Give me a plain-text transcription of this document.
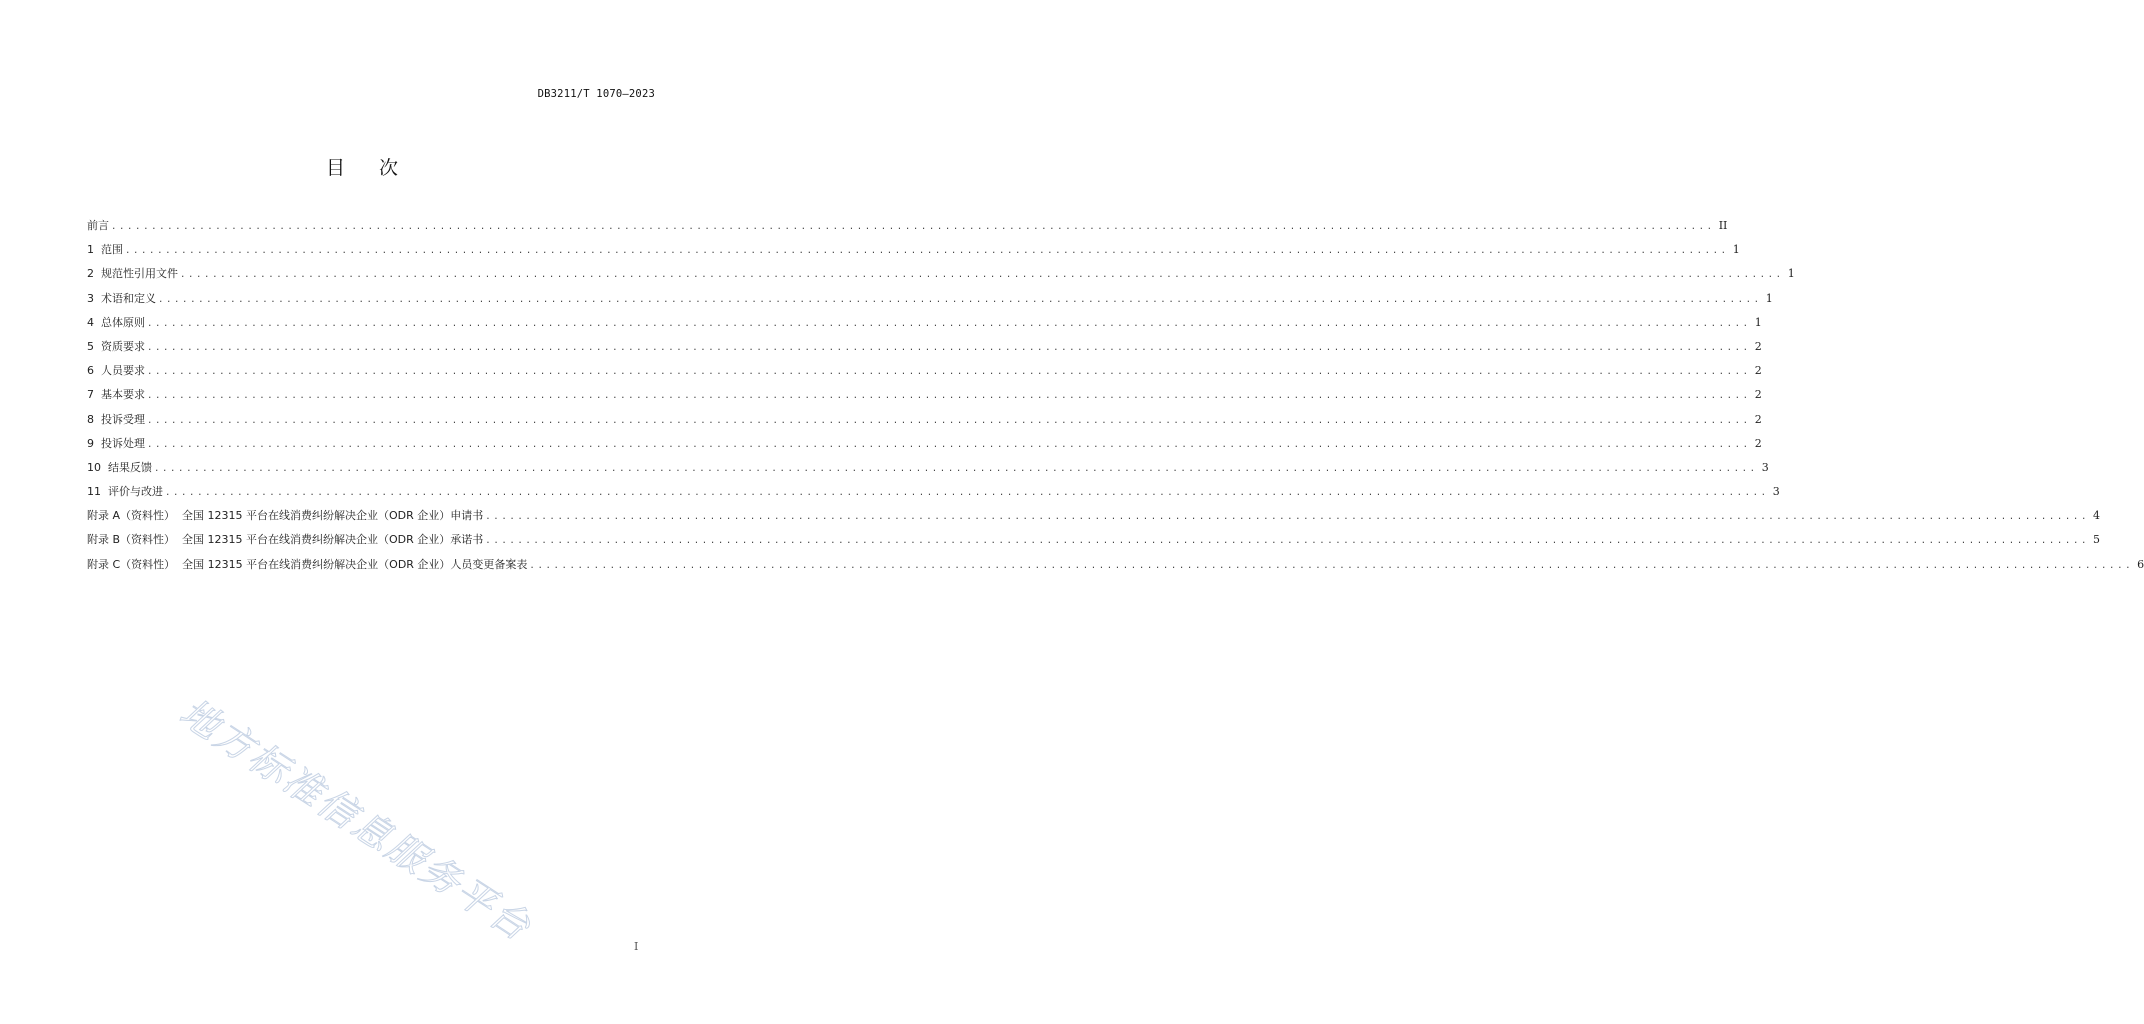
DB3211/T 1070—2023
目 次
前言 ........................................................................................................................................................................................................ II
1  范围 ........................................................................................................................................................................................................ 1
2  规范性引用文件 ........................................................................................................................................................................................................ 1
3  术语和定义 ........................................................................................................................................................................................................ 1
4  总体原则 ........................................................................................................................................................................................................ 1
5  资质要求 ........................................................................................................................................................................................................ 2
6  人员要求 ........................................................................................................................................................................................................ 2
7  基本要求 ........................................................................................................................................................................................................ 2
8  投诉受理 ........................................................................................................................................................................................................ 2
9  投诉处理 ........................................................................................................................................................................................................ 2
10  结果反馈 ........................................................................................................................................................................................................ 3
11  评价与改进 ........................................................................................................................................................................................................ 3
附录 A（资料性）  全国 12315 平台在线消费纠纷解决企业（ODR 企业）申请书 ........................................................................................................................................................................................................ 4
附录 B（资料性）  全国 12315 平台在线消费纠纷解决企业（ODR 企业）承诺书 ........................................................................................................................................................................................................ 5
附录 C（资料性）  全国 12315 平台在线消费纠纷解决企业（ODR 企业）人员变更备案表 ........................................................................................................................................................................................................ 6
地方标准信息服务平台	I
